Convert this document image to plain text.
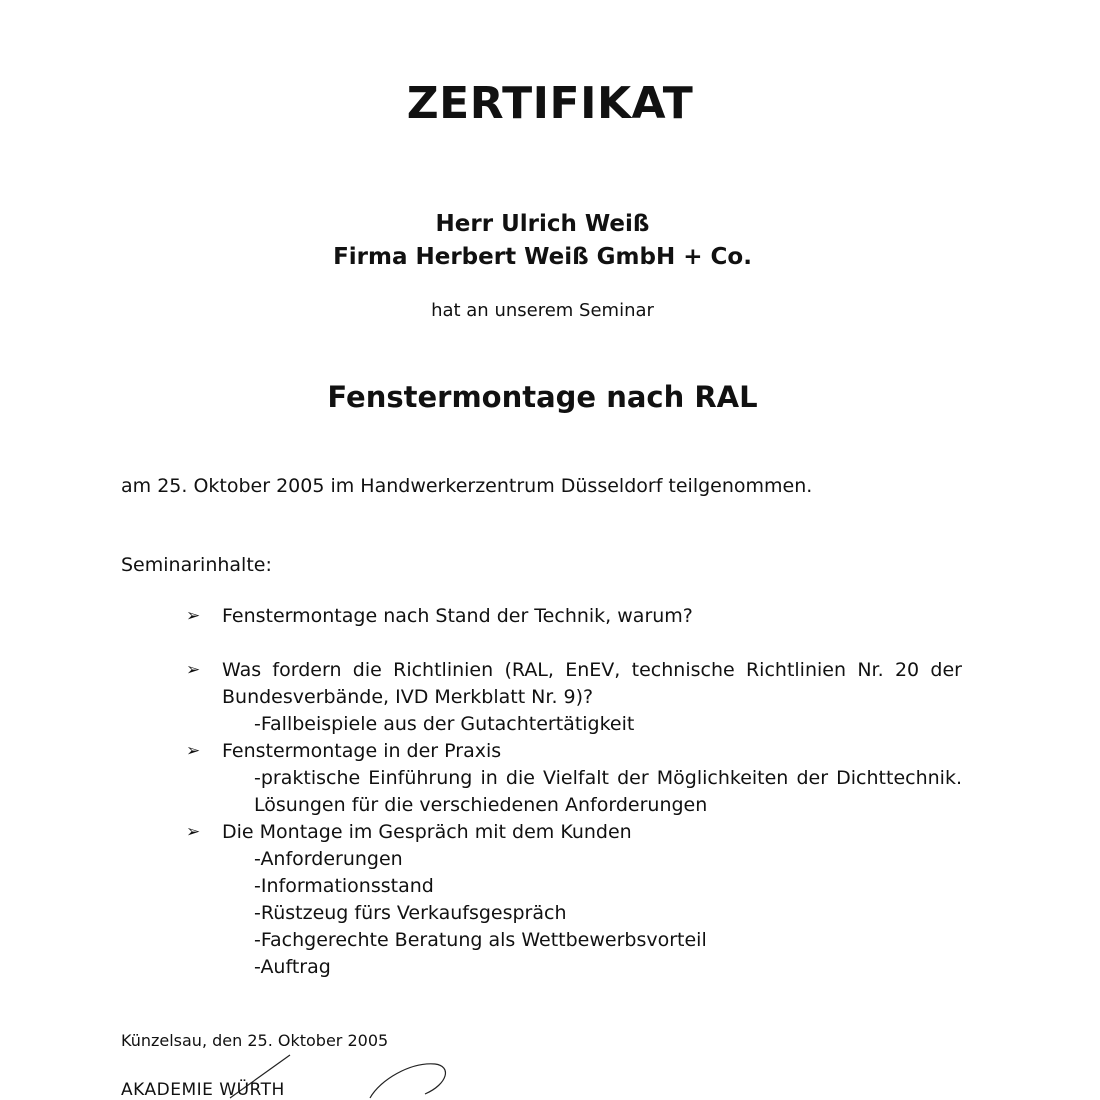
ZERTIFIKAT
Herr Ulrich Weiß
Firma Herbert Weiß GmbH + Co.
hat an unserem Seminar
Fenstermontage nach RAL
am 25. Oktober 2005 im Handwerkerzentrum Düsseldorf teilgenommen.
Seminarinhalte:
➢ Fenstermontage nach Stand der Technik, warum?
➢ Was fordern die Richtlinien (RAL, EnEV, technische Richtlinien Nr. 20 der Bundesverbände, IVD Merkblatt Nr. 9)?
-Fallbeispiele aus der Gutachtertätigkeit
➢ Fenstermontage in der Praxis
-praktische Einführung in die Vielfalt der Möglichkeiten der Dichttechnik. Lösungen für die verschiedenen Anforderungen
➢ Die Montage im Gespräch mit dem Kunden
-Anforderungen
-Informationsstand
-Rüstzeug fürs Verkaufsgespräch
-Fachgerechte Beratung als Wettbewerbsvorteil
-Auftrag
Künzelsau, den 25. Oktober 2005
AKADEMIE WÜRTH
